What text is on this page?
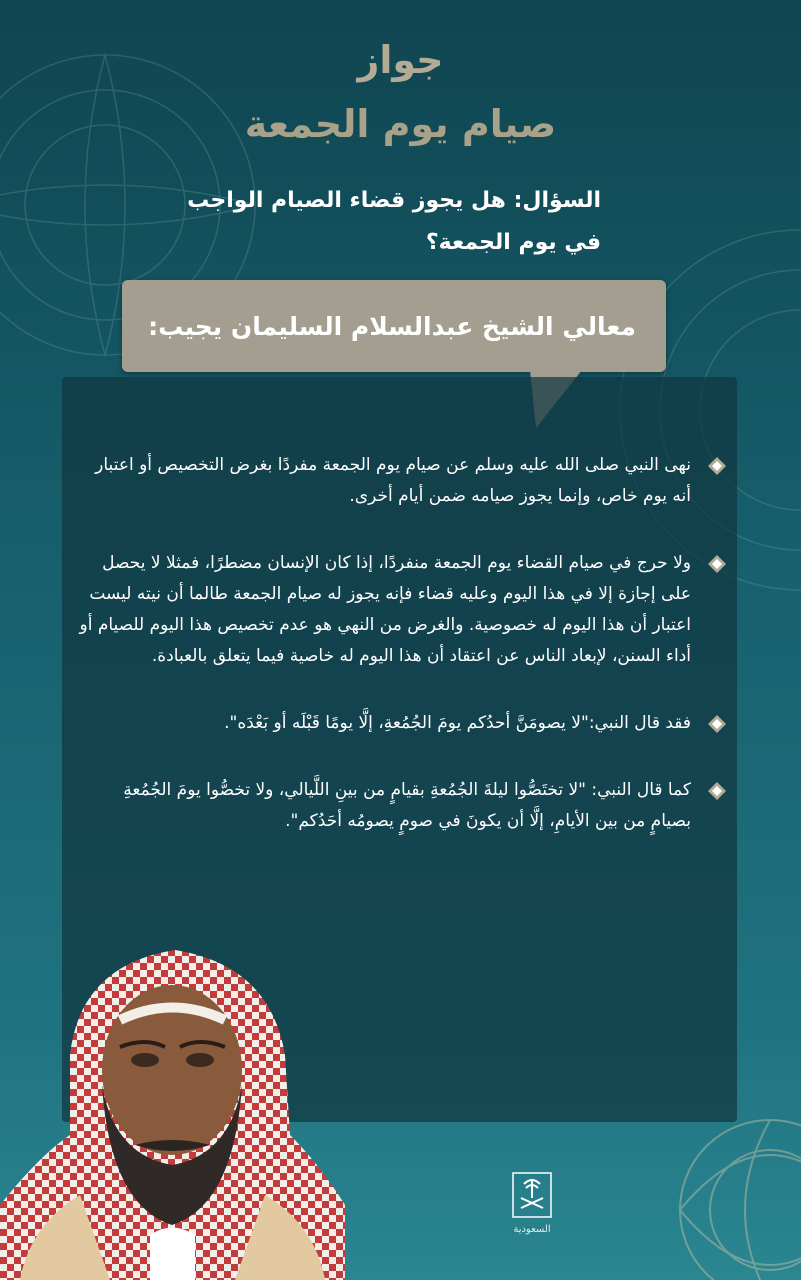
جواز
صيام يوم الجمعة
السؤال: هل يجوز قضاء الصيام الواجب في يوم الجمعة؟

معالي الشيخ عبدالسلام السليمان يجيب:

نهى النبي صلى الله عليه وسلم عن صيام يوم الجمعة مفردًا بغرض التخصيص أو اعتبار أنه يوم خاص، وإنما يجوز صيامه ضمن أيام أخرى.
ولا حرج في صيام القضاء يوم الجمعة منفردًا، إذا كان الإنسان مضطرًا، فمثلا لا يحصل على إجازة إلا في هذا اليوم وعليه قضاء فإنه يجوز له صيام الجمعة طالما أن نيته ليست اعتبار أن هذا اليوم له خصوصية. والغرض من النهي هو عدم تخصيص هذا اليوم للصيام أو أداء السنن، لإبعاد الناس عن اعتقاد أن هذا اليوم له خاصية فيما يتعلق بالعبادة.
فقد قال النبي:"لا يصومَنَّ أحدُكم يومَ الجُمُعةِ، إلَّا يومًا قَبْلَه أو بَعْدَه".
كما قال النبي: "لا تختَصُّوا ليلةَ الجُمُعةِ بقيامٍ من بينِ اللَّيالي، ولا تخصُّوا يومَ الجُمُعةِ بصيامٍ من بين الأيامِ، إلَّا أن يكونَ في صومٍ يصومُه أحَدُكم".
السعودية
